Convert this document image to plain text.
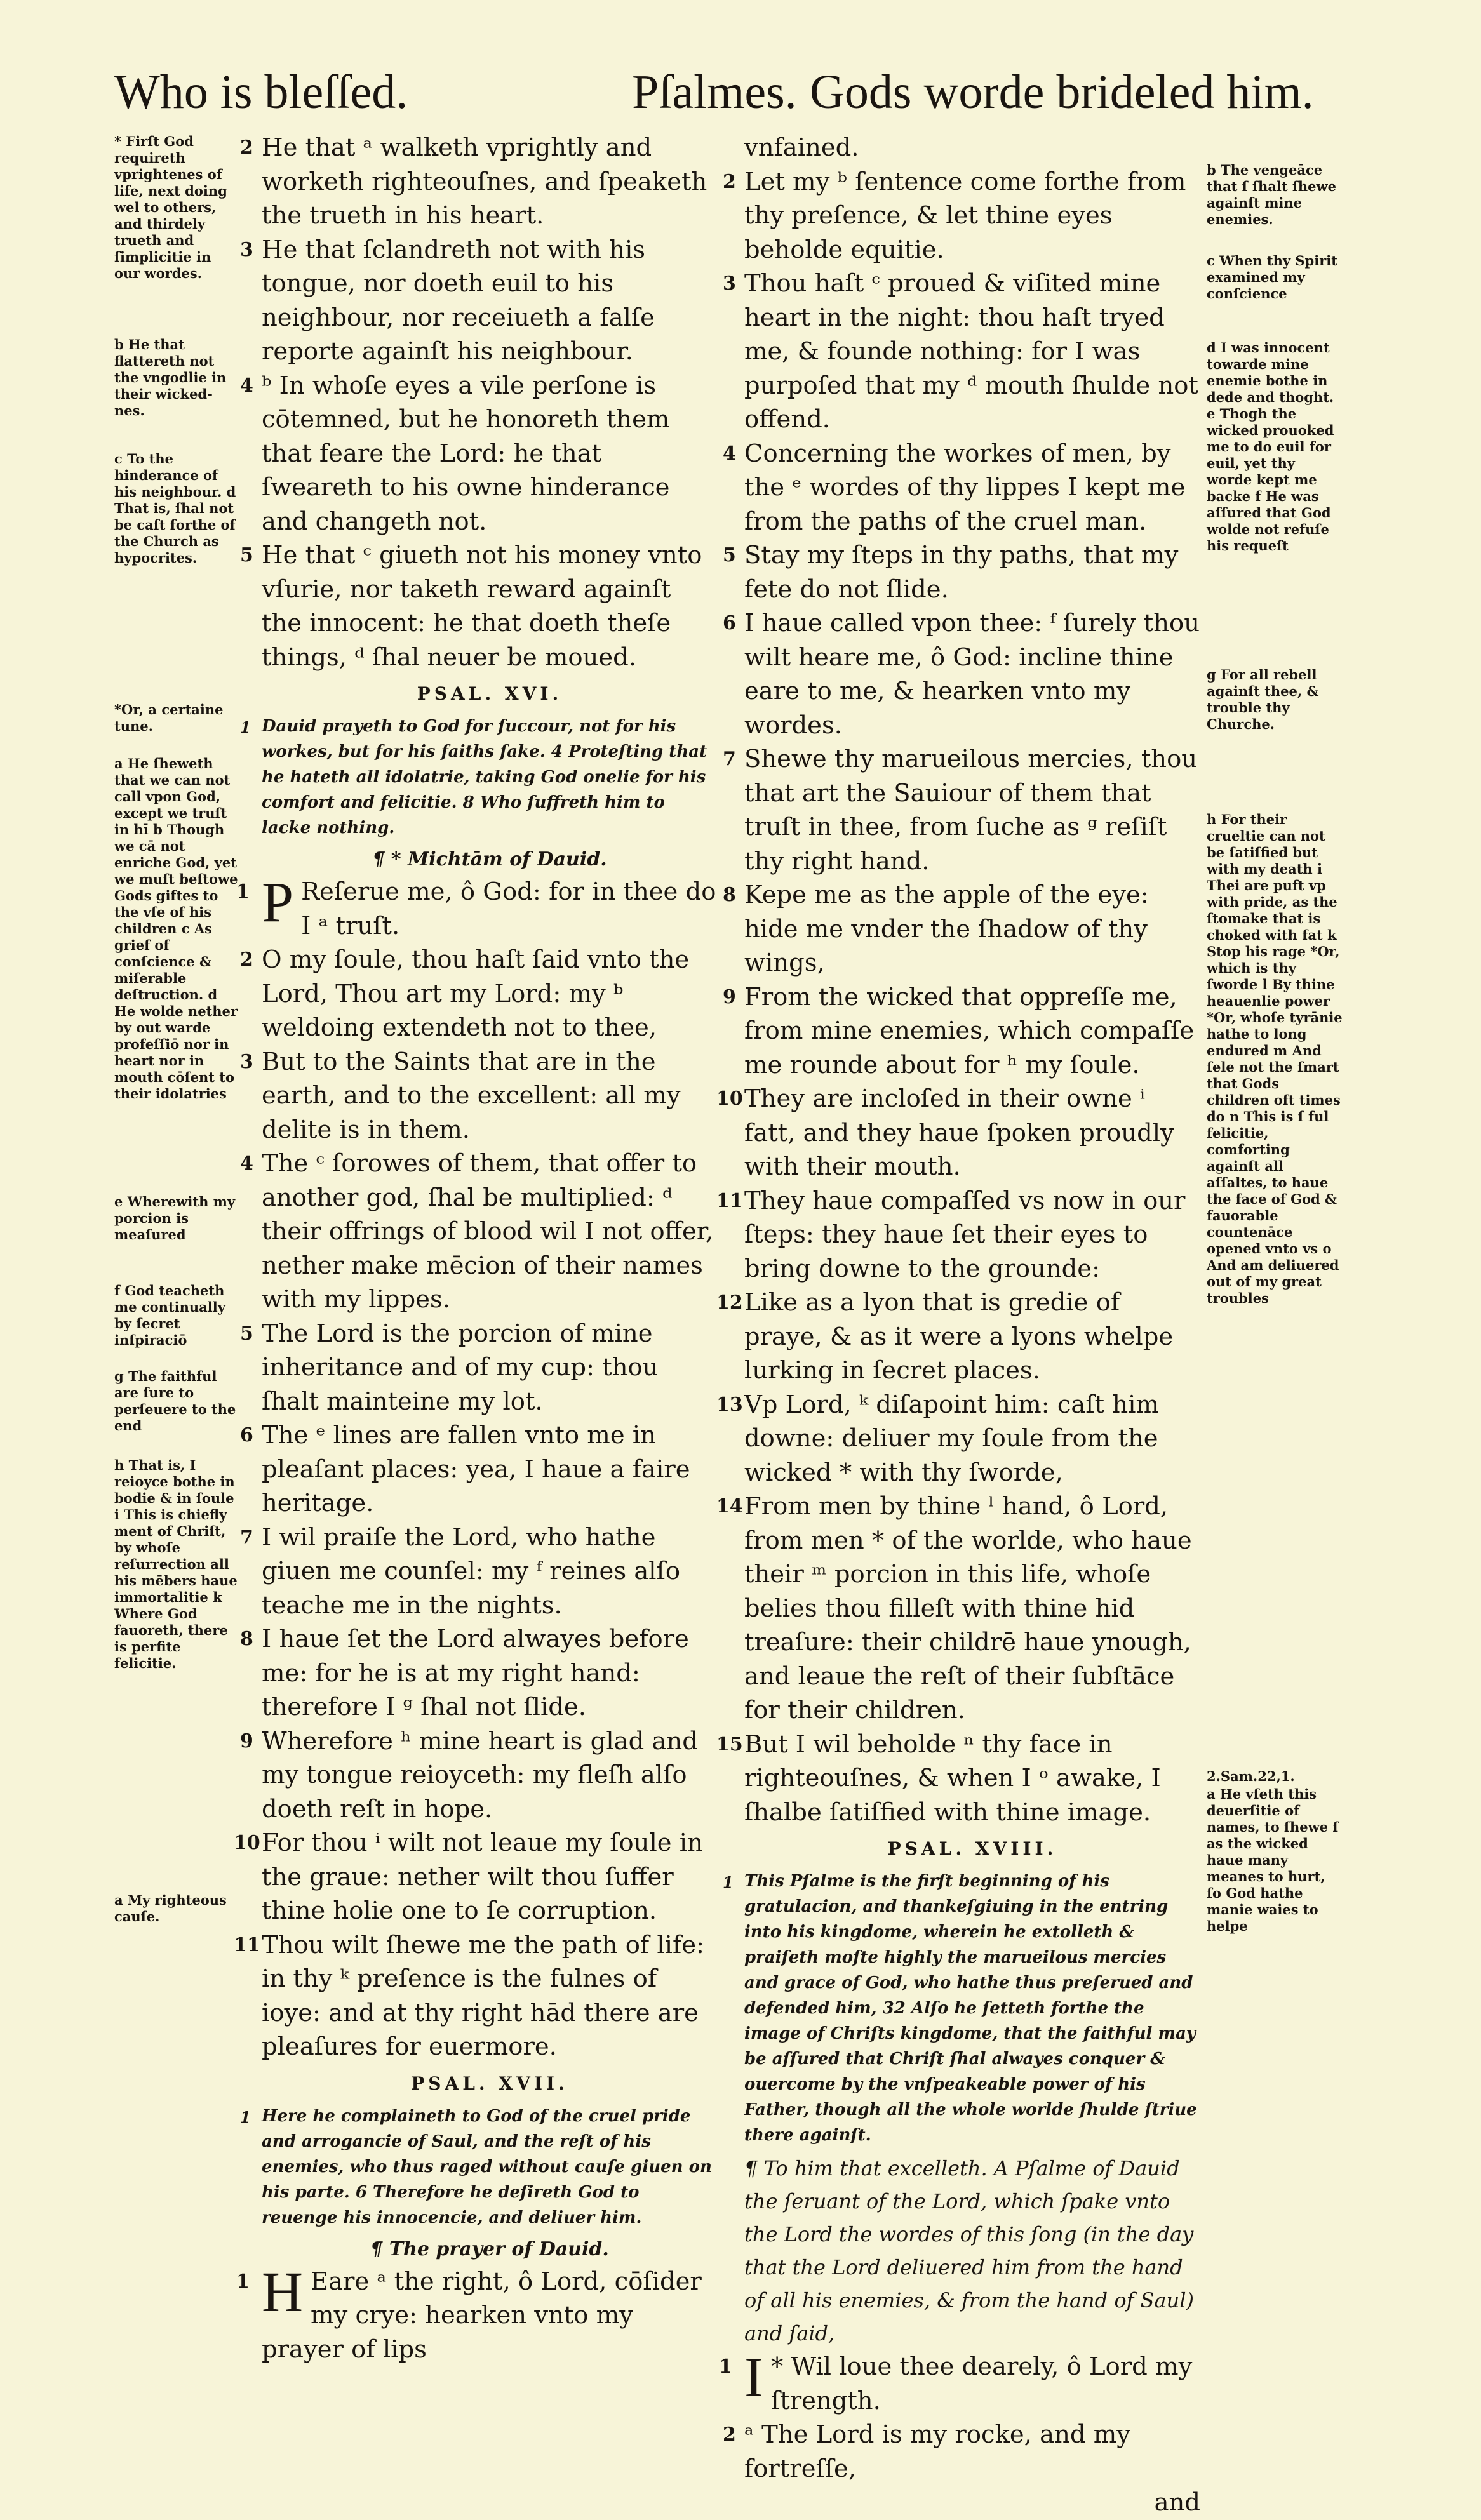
Who is bleſſed.	Pſalmes. Gods worde brideled him.
* Firſt God requireth vprightenes of life, next doing wel to others, and thirdely trueth and ſimplicitie in our wordes.
b He that flattereth not the vngodlie in their wicked-nes.
c To the hinderance of his neighbour. d That is, ſhal not be caſt forthe of the Church as hypocrites.
*Or, a certaine tune.
a He ſheweth that we can not call vpon God, except we truſt in hī b Though we cā not enriche God, yet we muſt beſtowe Gods giftes to the vſe of his children c As grief of conſcience & miſerable deſtruction. d He wolde nether by out warde profeſſiō nor in heart nor in mouth cōſent to their idolatries
e Wherewith my porcion is meaſured
f God teacheth me continually by ſecret inſpiraciō
g The faithful are ſure to perſeuere to the end
h That is, I reioyce bothe in bodie & in ſoule i This is chiefly ment of Chriſt, by whoſe reſurrection all his mēbers haue immortalitie k Where God fauoreth, there is perfite felicitie.
a My righteous cauſe.
b The vengeāce that ſ ſhalt ſhewe againſt mine enemies.
c When thy Spirit examined my conſcience
d I was innocent towarde mine enemie bothe in dede and thoght. e Thogh the wicked prouoked me to do euil for euil, yet thy worde kept me backe f He was aſſured that God wolde not refuſe his requeſt
g For all rebell againſt thee, & trouble thy Churche.
h For their crueltie can not be ſatiſfied but with my death i Thei are puft vp with pride, as the ſtomake that is choked with fat k Stop his rage *Or, which is thy ſworde l By thine heauenlie power *Or, whoſe tyrānie hathe to long endured m And ſele not the ſmart that Gods children oft times do n This is ſ ful felicitie, comforting againſt all aſſaltes, to haue the face of God & fauorable countenāce opened vnto vs o And am deliuered out of my great troubles
2.Sam.22,1.
a He vſeth this deuerſitie of names, to ſhewe ſ as the wicked haue many meanes to hurt, ſo God hathe manie waies to helpe
2 He that ᵃ walketh vprightly and worketh righteouſnes, and ſpeaketh the trueth in his heart.
3 He that ſclandreth not with his tongue, nor doeth euil to his neighbour, nor receiueth a falſe reporte againſt his neighbour.
4 ᵇ In whoſe eyes a vile perſone is cōtemned, but he honoreth them that feare the Lord: he that ſweareth to his owne hinderance and changeth not.
5 He that ᶜ giueth not his money vnto vſurie, nor taketh reward againſt the innocent: he that doeth theſe things, ᵈ ſhal neuer be moued.
PSAL. XVI.
1 Dauid prayeth to God for ſuccour, not for his workes, but for his faiths ſake. 4 Proteſting that he hateth all idolatrie, taking God onelie for his comfort and felicitie. 8 Who ſuffreth him to lacke nothing.
¶ * Michtām of Dauid.
1 P Reſerue me, ô God: for in thee do I ᵃ truſt.
2 O my ſoule, thou haſt ſaid vnto the Lord, Thou art my Lord: my ᵇ weldoing extendeth not to thee,
3 But to the Saints that are in the earth, and to the excellent: all my delite is in them.
4 The ᶜ ſorowes of them, that offer to another god, ſhal be multiplied: ᵈ their offrings of blood wil I not offer, nether make mēcion of their names with my lippes.
5 The Lord is the porcion of mine inheritance and of my cup: thou ſhalt mainteine my lot.
6 The ᵉ lines are fallen vnto me in pleaſant places: yea, I haue a faire heritage.
7 I wil praiſe the Lord, who hathe giuen me counſel: my ᶠ reines alſo teache me in the nights.
8 I haue ſet the Lord alwayes before me: for he is at my right hand: therefore I ᵍ ſhal not ſlide.
9 Wherefore ʰ mine heart is glad and my tongue reioyceth: my fleſh alſo doeth reſt in hope.
10 For thou ⁱ wilt not leaue my ſoule in the graue: nether wilt thou ſuffer thine holie one to ſe corruption.
11 Thou wilt ſhewe me the path of life: in thy ᵏ preſence is the fulnes of ioye: and at thy right hād there are pleaſures for euermore.
PSAL. XVII.
1 Here he complaineth to God of the cruel pride and arrogancie of Saul, and the reſt of his enemies, who thus raged without cauſe giuen on his parte. 6 Therefore he deſireth God to reuenge his innocencie, and deliuer him.
¶ The prayer of Dauid.
1 H Eare ᵃ the right, ô Lord, cōſider my crye: hearken vnto my prayer of lips
vnfained.
2 Let my ᵇ ſentence come forthe from thy preſence, & let thine eyes beholde equitie.
3 Thou haſt ᶜ proued & viſited mine heart in the night: thou haſt tryed me, & founde nothing: for I was purpoſed that my ᵈ mouth ſhulde not offend.
4 Concerning the workes of men, by the ᵉ wordes of thy lippes I kept me from the paths of the cruel man.
5 Stay my ſteps in thy paths, that my fete do not ſlide.
6 I haue called vpon thee: ᶠ ſurely thou wilt heare me, ô God: incline thine eare to me, & hearken vnto my wordes.
7 Shewe thy marueilous mercies, thou that art the Sauiour of them that truſt in thee, from ſuche as ᵍ reſiſt thy right hand.
8 Kepe me as the apple of the eye: hide me vnder the ſhadow of thy wings,
9 From the wicked that oppreſſe me, from mine enemies, which compaſſe me rounde about for ʰ my ſoule.
10 They are incloſed in their owne ⁱ fatt, and they haue ſpoken proudly with their mouth.
11 They haue compaſſed vs now in our ſteps: they haue ſet their eyes to bring downe to the grounde:
12 Like as a lyon that is gredie of praye, & as it were a lyons whelpe lurking in ſecret places.
13 Vp Lord, ᵏ diſapoint him: caſt him downe: deliuer my ſoule from the wicked * with thy ſworde,
14 From men by thine ˡ hand, ô Lord, from men * of the worlde, who haue their ᵐ porcion in this life, whoſe belies thou filleſt with thine hid treaſure: their childrē haue ynough, and leaue the reſt of their ſubſtāce for their children.
15 But I wil beholde ⁿ thy face in righteouſnes, & when I ᵒ awake, I ſhalbe ſatiſfied with thine image.
PSAL. XVIII.
1 This Pſalme is the firſt beginning of his gratulacion, and thankeſgiuing in the entring into his kingdome, wherein he extolleth & praiſeth moſte highly the marueilous mercies and grace of God, who hathe thus preſerued and defended him, 32 Alſo he ſetteth forthe the image of Chriſts kingdome, that the faithful may be aſſured that Chriſt ſhal alwayes conquer & ouercome by the vnſpeakeable power of his Father, though all the whole worlde ſhulde ſtriue there againſt.
¶ To him that excelleth. A Pſalme of Dauid the ſeruant of the Lord, which ſpake vnto the Lord the wordes of this ſong (in the day that the Lord deliuered him from the hand of all his enemies, & from the hand of Saul) and ſaid,
1 I * Wil loue thee dearely, ô Lord my ſtrength.
2 ᵃ The Lord is my rocke, and my fortreſſe,
and
